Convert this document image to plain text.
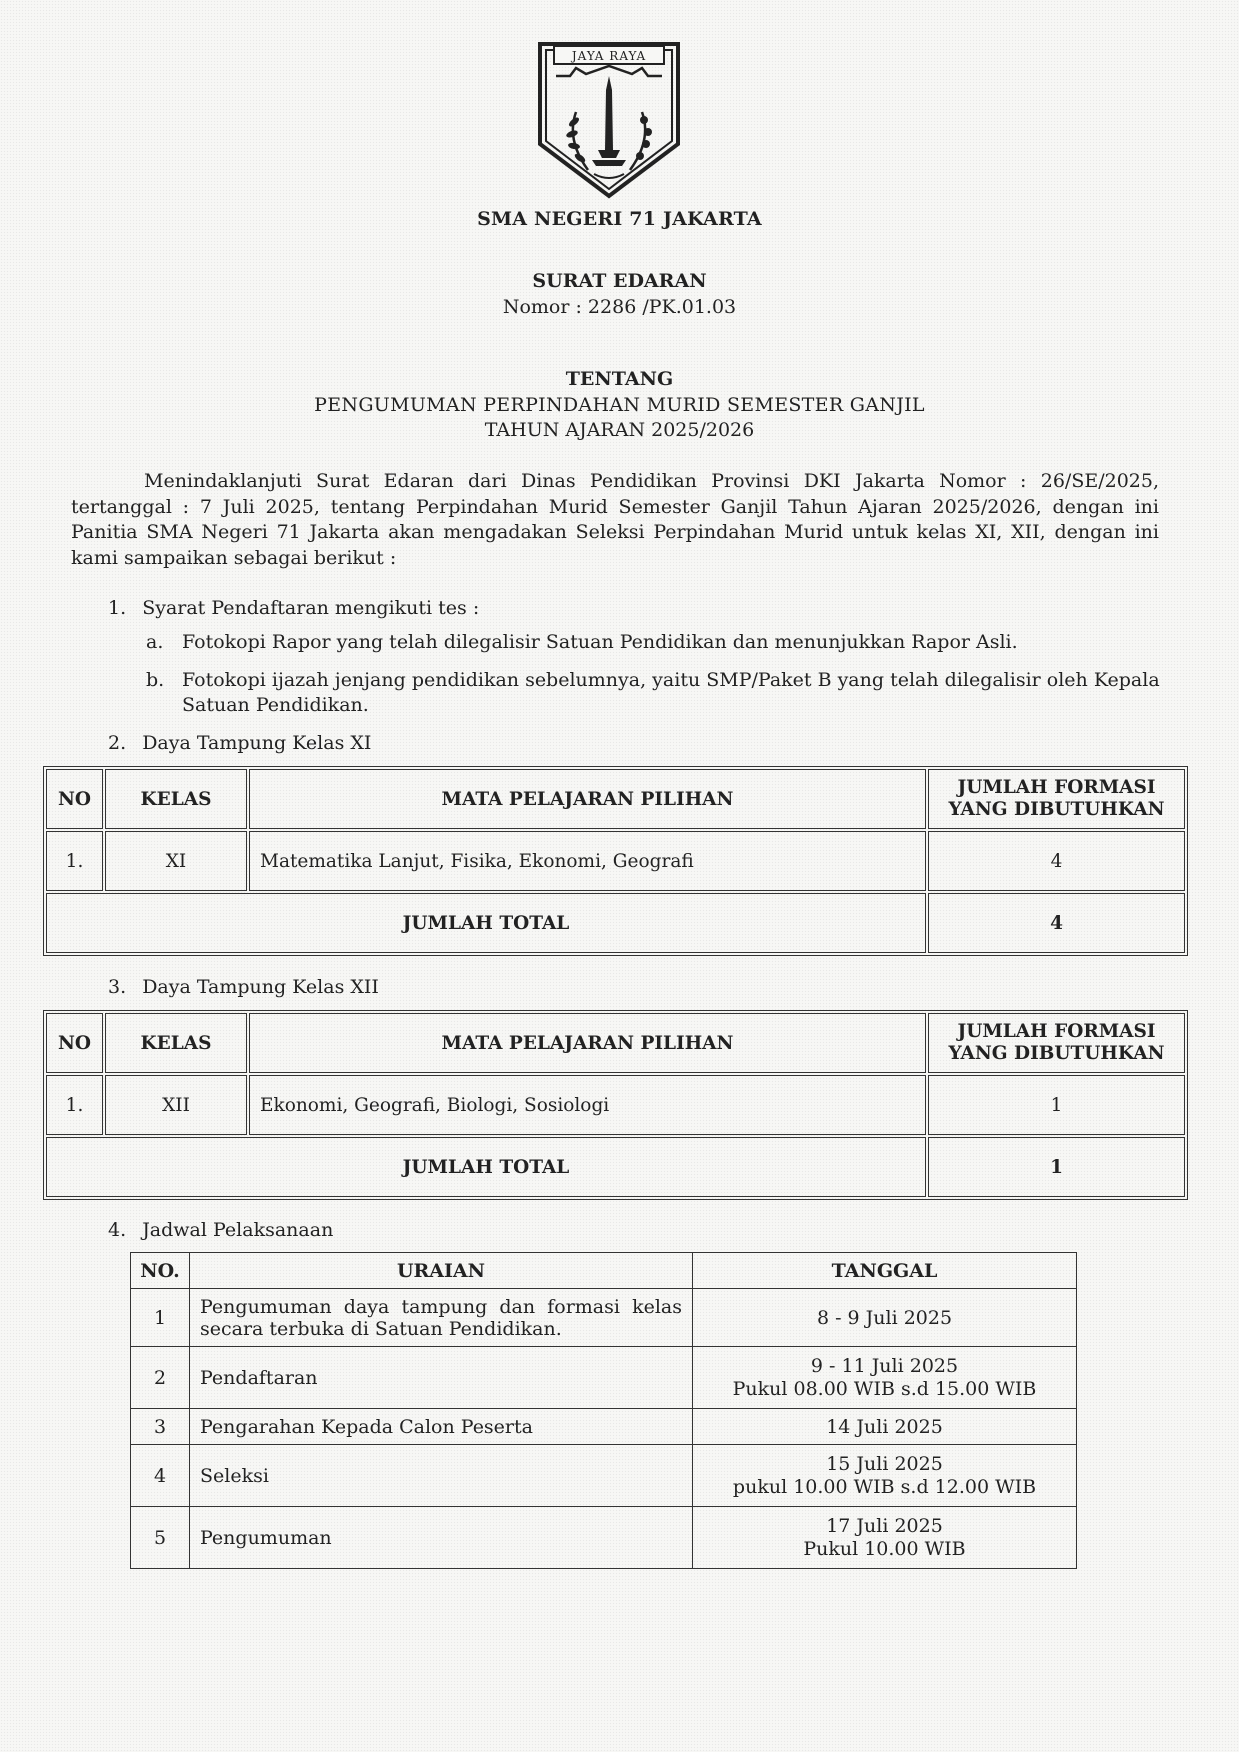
JAYA RAYA
SMA NEGERI 71 JAKARTA
SURAT EDARAN
Nomor : 2286 /PK.01.03
TENTANG
PENGUMUMAN PERPINDAHAN MURID SEMESTER GANJIL
TAHUN AJARAN 2025/2026

Menindaklanjuti Surat Edaran dari Dinas Pendidikan Provinsi DKI Jakarta Nomor : 26/SE/2025, tertanggal : 7 Juli 2025, tentang Perpindahan Murid Semester Ganjil Tahun Ajaran 2025/2026, dengan ini Panitia SMA Negeri 71 Jakarta akan mengadakan Seleksi Perpindahan Murid untuk kelas XI, XII, dengan ini kami sampaikan sebagai berikut :

1. Syarat Pendaftaran mengikuti tes :
a. Fotokopi Rapor yang telah dilegalisir Satuan Pendidikan dan menunjukkan Rapor Asli.
b. Fotokopi ijazah jenjang pendidikan sebelumnya, yaitu SMP/Paket B yang telah dilegalisir oleh Kepala Satuan Pendidikan.
2. Daya Tampung Kelas XI
NO	KELAS	MATA PELAJARAN PILIHAN	JUMLAH FORMASI
YANG DIBUTUHKAN

1.	XI	Matematika Lanjut, Fisika, Ekonomi, Geografi	4
JUMLAH TOTAL			4
3. Daya Tampung Kelas XII
NO	KELAS	MATA PELAJARAN PILIHAN	JUMLAH FORMASI
YANG DIBUTUHKAN

1.	XII	Ekonomi, Geografi, Biologi, Sosiologi	1
JUMLAH TOTAL			1
4. Jadwal Pelaksanaan
NO.	URAIAN	TANGGAL
1	Pengumuman daya tampung dan formasi kelas secara terbuka di Satuan Pendidikan.	8 - 9 Juli 2025

2	Pendaftaran	9 - 11 Juli 2025
Pukul 08.00 WIB s.d 15.00 WIB

3	Pengarahan Kepada Calon Peserta	14 Juli 2025

4	Seleksi	15 Juli 2025
pukul 10.00 WIB s.d 12.00 WIB

5	Pengumuman	17 Juli 2025
Pukul 10.00 WIB
